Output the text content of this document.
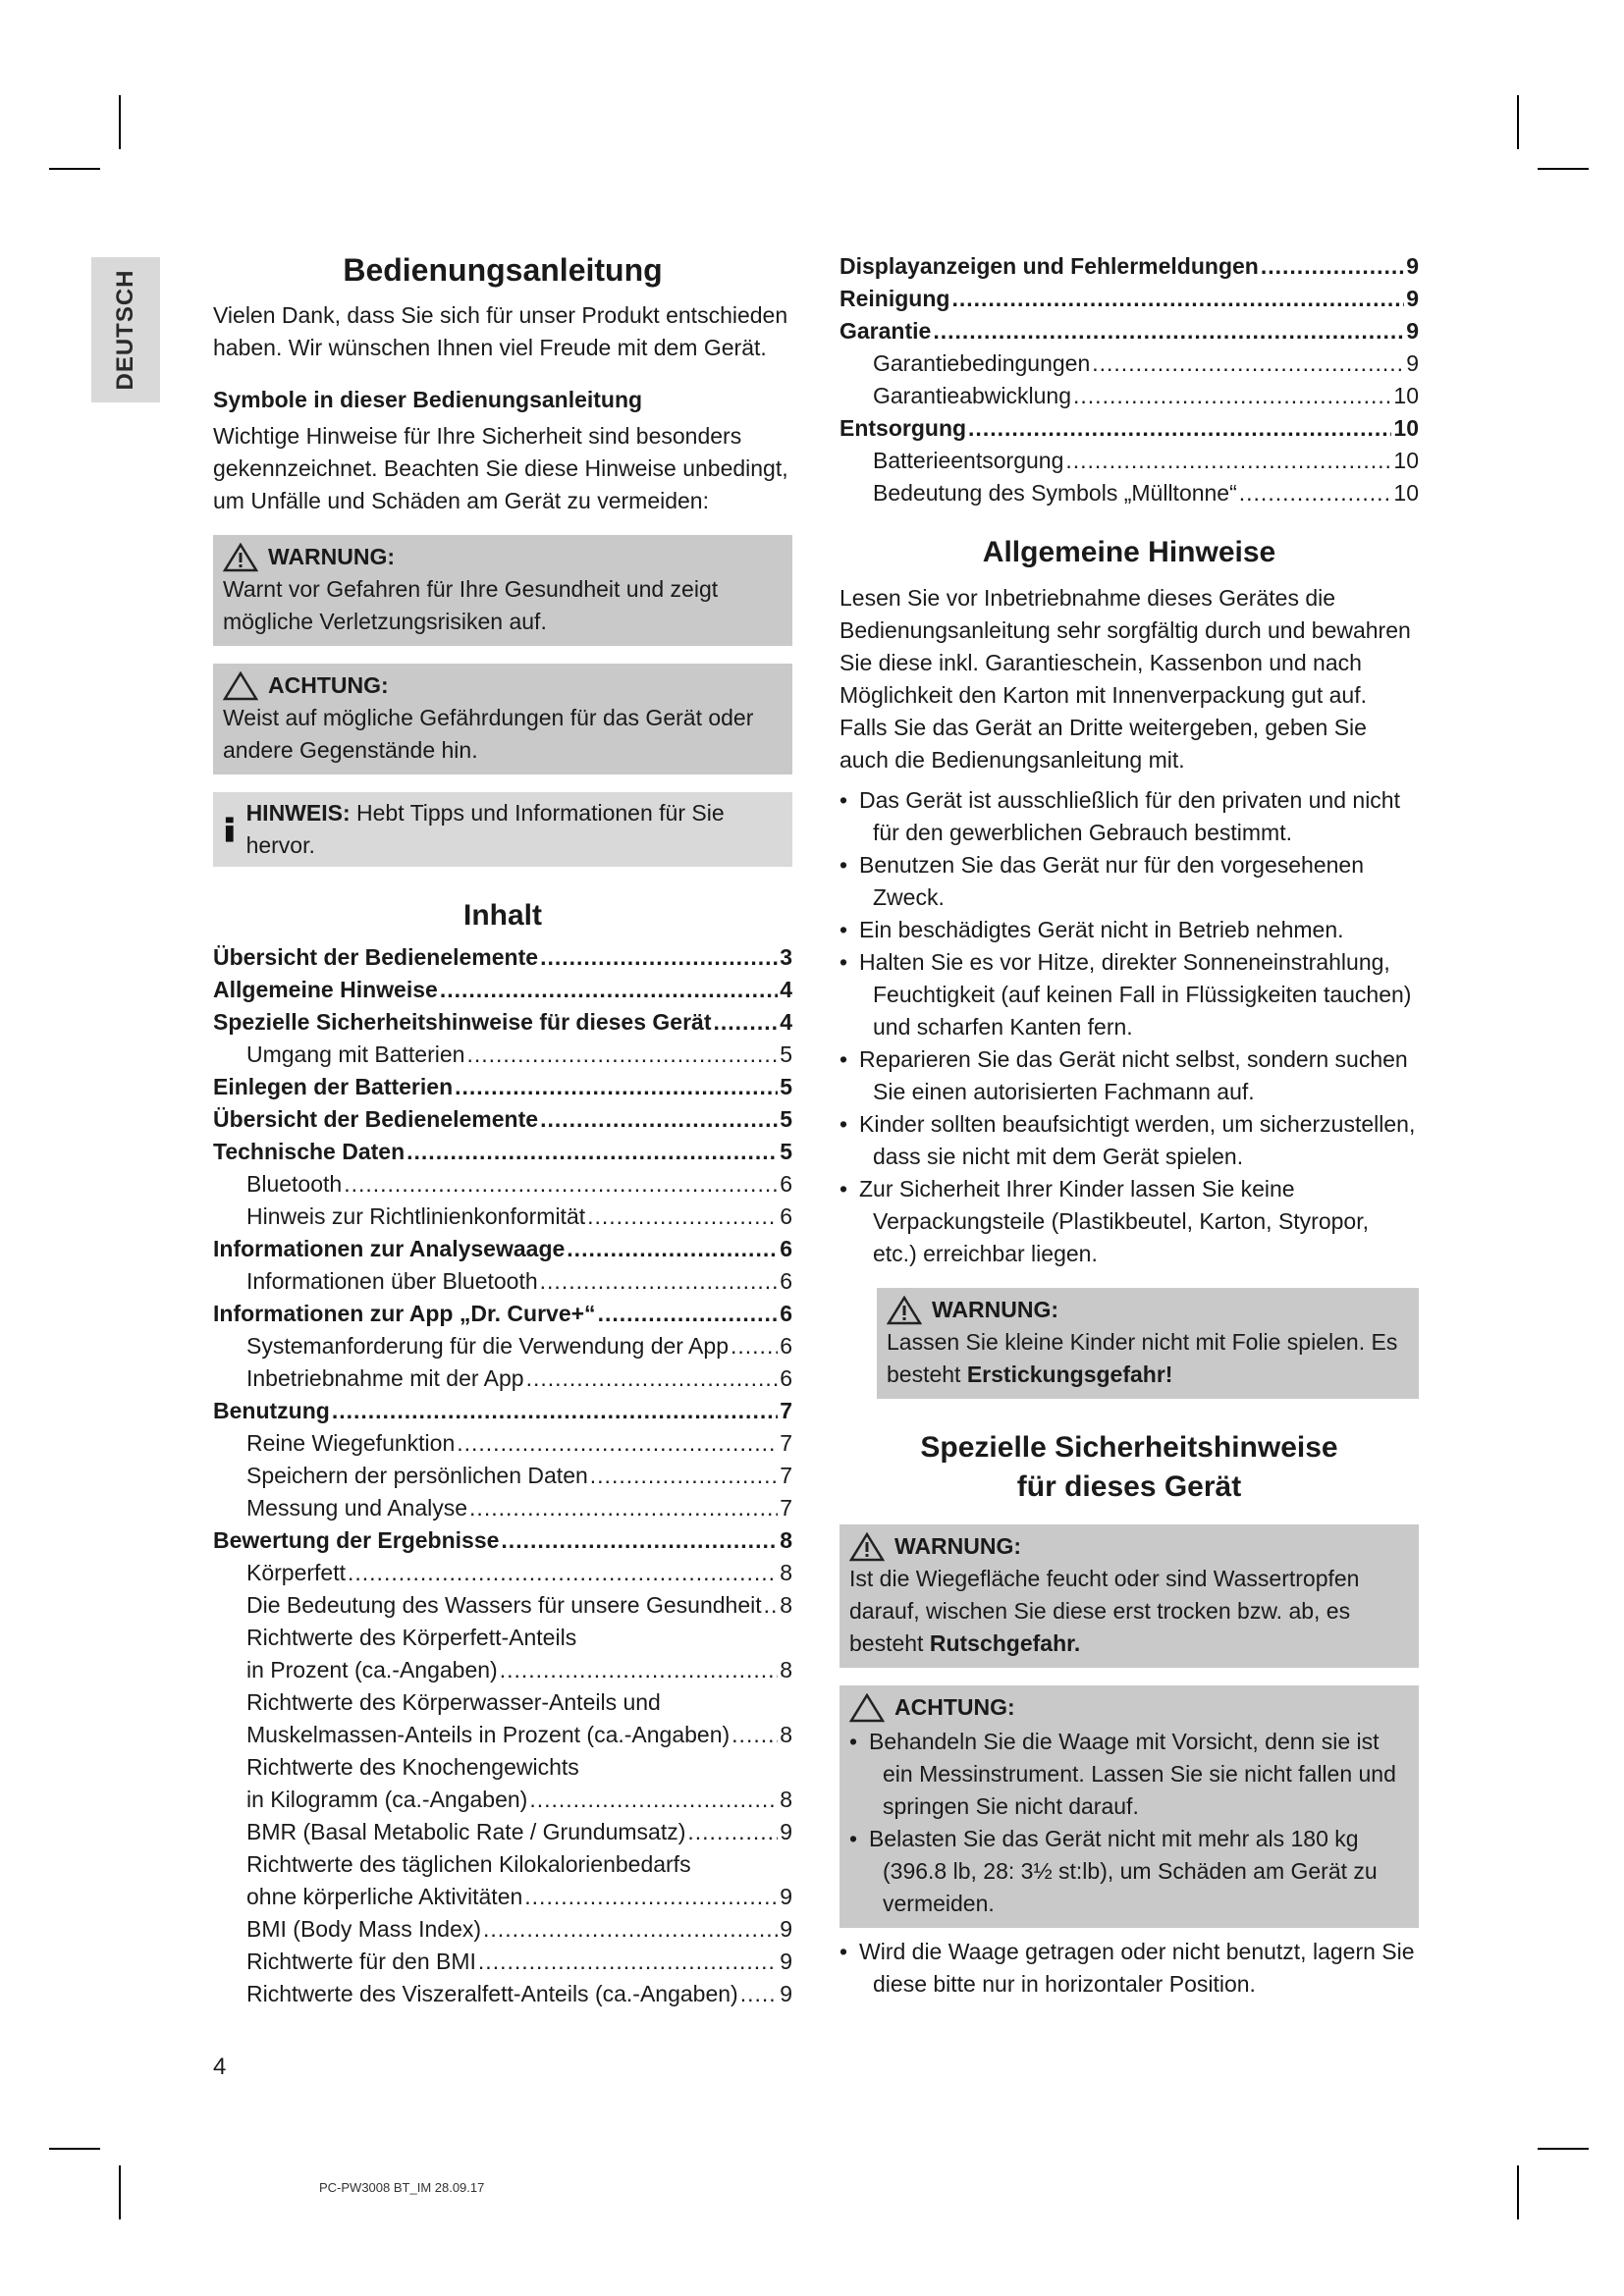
DEUTSCH	Bedienungsanleitung

Vielen Dank, dass Sie sich für unser Produkt entschieden haben. Wir wünschen Ihnen viel Freude mit dem Gerät.

Symbole in dieser Bedienungsanleitung

Wichtige Hinweise für Ihre Sicherheit sind besonders gekennzeichnet. Beachten Sie diese Hinweise unbedingt, um Unfälle und Schäden am Gerät zu vermeiden:

WARNUNG:

Warnt vor Gefahren für Ihre Gesundheit und zeigt mögliche Verletzungsrisiken auf.

ACHTUNG:

Weist auf mögliche Gefährdungen für das Gerät oder andere Gegenstände hin.

HINWEIS: Hebt Tipps und Informationen für Sie hervor.
Inhalt
Übersicht der Bedienelemente .....	3
Allgemeine Hinweise .....	4
Spezielle Sicherheitshinweise für dieses Gerät .....	4
Umgang mit Batterien .....	5
Einlegen der Batterien .....	5
Übersicht der Bedienelemente .....	5
Technische Daten .....	5
Bluetooth .....	6
Hinweis zur Richtlinienkonformität .....	6
Informationen zur Analysewaage .....	6
Informationen über Bluetooth .....	6
Informationen zur App „Dr. Curve+“ .....	6
Systemanforderung für die Verwendung der App ..... 6
Inbetriebnahme mit der App .....	6
Benutzung .....	7
Reine Wiegefunktion .....	7
Speichern der persönlichen Daten .....	7
Messung und Analyse .....	7
Bewertung der Ergebnisse .....	8
Körperfett .....	8
Die Bedeutung des Wassers für unsere Gesundheit ..... 8
Richtwerte des Körperfett-Anteils
in Prozent (ca.-Angaben) .....	8
Richtwerte des Körperwasser-Anteils und
Muskelmassen-Anteils in Prozent (ca.-Angaben) ..... 8
Richtwerte des Knochengewichts
in Kilogramm (ca.-Angaben) .....	8
BMR (Basal Metabolic Rate / Grundumsatz) .....	9
Richtwerte des täglichen Kilokalorienbedarfs
ohne körperliche Aktivitäten .....	9
BMI (Body Mass Index) .....	9
Richtwerte für den BMI .....	9
Richtwerte des Viszeralfett-Anteils (ca.-Angaben) ..... 9
Displayanzeigen und Fehlermeldungen .....	9
Reinigung .....	9
Garantie .....	9
Garantiebedingungen .....	9
Garantieabwicklung .....	10
Entsorgung .....	10
Batterieentsorgung .....	10
Bedeutung des Symbols „Mülltonne“ .....	10
Allgemeine Hinweise

Lesen Sie vor Inbetriebnahme dieses Gerätes die Bedienungsanleitung sehr sorgfältig durch und bewahren Sie diese inkl. Garantieschein, Kassenbon und nach Möglichkeit den Karton mit Innenverpackung gut auf. Falls Sie das Gerät an Dritte weitergeben, geben Sie auch die Bedienungsanleitung mit.

• Das Gerät ist ausschließlich für den privaten und nicht für den gewerblichen Gebrauch bestimmt.
• Benutzen Sie das Gerät nur für den vorgesehenen Zweck.
• Ein beschädigtes Gerät nicht in Betrieb nehmen.
• Halten Sie es vor Hitze, direkter Sonneneinstrahlung, Feuchtigkeit (auf keinen Fall in Flüssigkeiten tauchen) und scharfen Kanten fern.
• Reparieren Sie das Gerät nicht selbst, sondern suchen Sie einen autorisierten Fachmann auf.
• Kinder sollten beaufsichtigt werden, um sicherzustellen, dass sie nicht mit dem Gerät spielen.
• Zur Sicherheit Ihrer Kinder lassen Sie keine Verpackungsteile (Plastikbeutel, Karton, Styropor, etc.) erreichbar liegen.
WARNUNG:

Lassen Sie kleine Kinder nicht mit Folie spielen. Es besteht Erstickungsgefahr!

Spezielle Sicherheitshinweise
für dieses Gerät
WARNUNG:

Ist die Wiegefläche feucht oder sind Wassertropfen darauf, wischen Sie diese erst trocken bzw. ab, es besteht Rutschgefahr.

ACHTUNG:
• Behandeln Sie die Waage mit Vorsicht, denn sie ist ein Messinstrument. Lassen Sie sie nicht fallen und springen Sie nicht darauf.
• Belasten Sie das Gerät nicht mit mehr als 180 kg (396.8 lb, 28: 3½ st:lb), um Schäden am Gerät zu vermeiden.
• Wird die Waage getragen oder nicht benutzt, lagern Sie diese bitte nur in horizontaler Position.
4
PC-PW3008 BT_IM 28.09.17
